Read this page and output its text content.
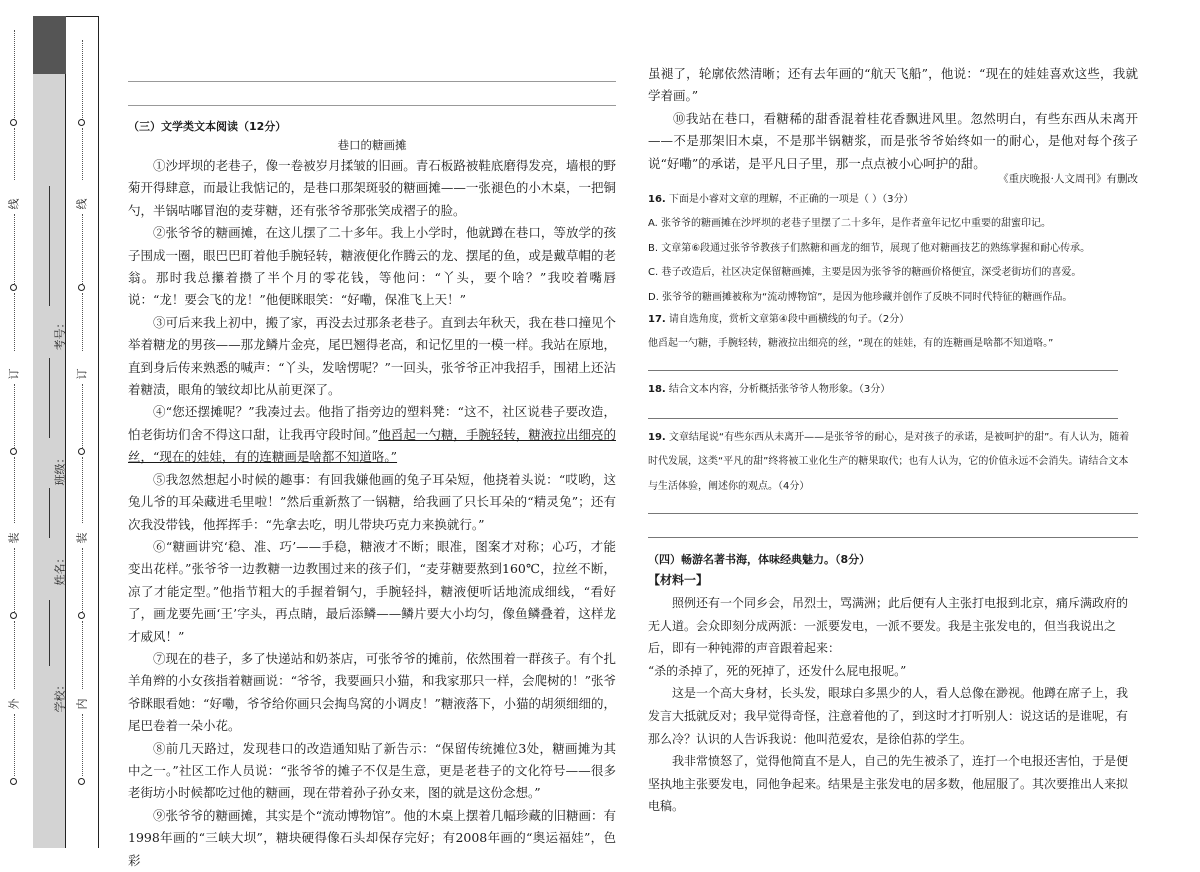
线
订
装
外
考号：
班级：
姓名：
学校：
线
订
装
内
（三）文学类文本阅读（12分）
巷口的糖画摊

①沙坪坝的老巷子，像一卷被岁月揉皱的旧画。青石板路被鞋底磨得发亮，墙根的野菊开得肆意，而最让我惦记的，是巷口那架斑驳的糖画摊——一张褪色的小木桌，一把铜勺，半锅咕嘟冒泡的麦芽糖，还有张爷爷那张笑成褶子的脸。

②张爷爷的糖画摊，在这儿摆了二十多年。我上小学时，他就蹲在巷口，等放学的孩子围成一圈，眼巴巴盯着他手腕轻转，糖液便化作腾云的龙、摆尾的鱼，或是戴草帽的老翁。那时我总攥着攒了半个月的零花钱，等他问：“丫头，要个啥？”我咬着嘴唇说：“龙！要会飞的龙！”他便眯眼笑：“好嘞，保准飞上天！”

③可后来我上初中，搬了家，再没去过那条老巷子。直到去年秋天，我在巷口撞见个举着糖龙的男孩——那龙鳞片金亮，尾巴翘得老高，和记忆里的一模一样。我站在原地，直到身后传来熟悉的喊声：“丫头，发啥愣呢？”一回头，张爷爷正冲我招手，围裙上还沾着糖渍，眼角的皱纹却比从前更深了。

④“您还摆摊呢？”我凑过去。他指了指旁边的塑料凳：“这不，社区说巷子要改造，怕老街坊们舍不得这口甜，让我再守段时间。”他舀起一勺糖，手腕轻转，糖液拉出细亮的丝，“现在的娃娃，有的连糖画是啥都不知道咯。”

⑤我忽然想起小时候的趣事：有回我嫌他画的兔子耳朵短，他挠着头说：“哎哟，这兔儿爷的耳朵藏进毛里啦！”然后重新熬了一锅糖，给我画了只长耳朵的“精灵兔”；还有次我没带钱，他挥挥手：“先拿去吃，明儿带块巧克力来换就行。”

⑥“糖画讲究‘稳、准、巧’——手稳，糖液才不断；眼准，图案才对称；心巧，才能变出花样。”张爷爷一边教糖一边教围过来的孩子们，“麦芽糖要熬到160℃，拉丝不断，凉了才能定型。”他指节粗大的手握着铜勺，手腕轻抖，糖液便听话地流成细线，“看好了，画龙要先画‘王’字头，再点睛，最后添鳞——鳞片要大小均匀，像鱼鳞叠着，这样龙才威风！”

⑦现在的巷子，多了快递站和奶茶店，可张爷爷的摊前，依然围着一群孩子。有个扎羊角辫的小女孩指着糖画说：“爷爷，我要画只小猫，和我家那只一样，会爬树的！”张爷爷眯眼看她：“好嘞，爷爷给你画只会掏鸟窝的小调皮！”糖液落下，小猫的胡须细细的，尾巴卷着一朵小花。

⑧前几天路过，发现巷口的改造通知贴了新告示：“保留传统摊位3处，糖画摊为其中之一。”社区工作人员说：“张爷爷的摊子不仅是生意，更是老巷子的文化符号——很多老街坊小时候都吃过他的糖画，现在带着孙子孙女来，图的就是这份念想。”

⑨张爷爷的糖画摊，其实是个“流动博物馆”。他的木桌上摆着几幅珍藏的旧糖画：有1998年画的“三峡大坝”，糖块硬得像石头却保存完好；有2008年画的“奥运福娃”，色彩

虽褪了，轮廓依然清晰；还有去年画的“航天飞船”，他说：“现在的娃娃喜欢这些，我就学着画。”

⑩我站在巷口，看糖稀的甜香混着桂花香飘进风里。忽然明白，有些东西从未离开——不是那架旧木桌，不是那半锅糖浆，而是张爷爷始终如一的耐心，是他对每个孩子说“好嘞”的承诺，是平凡日子里，那一点点被小心呵护的甜。

《重庆晚报·人文周刊》有删改

16. 下面是小睿对文章的理解，不正确的一项是（ ）（3分）

A. 张爷爷的糖画摊在沙坪坝的老巷子里摆了二十多年，是作者童年记忆中重要的甜蜜印记。

B. 文章第⑥段通过张爷爷教孩子们熬糖和画龙的细节，展现了他对糖画技艺的熟练掌握和耐心传承。

C. 巷子改造后，社区决定保留糖画摊，主要是因为张爷爷的糖画价格便宜，深受老街坊们的喜爱。

D. 张爷爷的糖画摊被称为“流动博物馆”，是因为他珍藏并创作了反映不同时代特征的糖画作品。

17. 请自选角度，赏析文章第④段中画横线的句子。（2分）

他舀起一勺糖，手腕轻转，糖液拉出细亮的丝，“现在的娃娃，有的连糖画是啥都不知道咯。”

18. 结合文本内容，分析概括张爷爷人物形象。（3分）

19. 文章结尾说“有些东西从未离开——是张爷爷的耐心，是对孩子的承诺，是被呵护的甜”。有人认为，随着时代发展，这类“平凡的甜”终将被工业化生产的糖果取代；也有人认为，它的价值永远不会消失。请结合文本与生活体验，阐述你的观点。（4分）

（四）畅游名著书海，体味经典魅力。（8分）
【材料一】

照例还有一个同乡会，吊烈士，骂满洲；此后便有人主张打电报到北京，痛斥满政府的无人道。会众即刻分成两派：一派要发电，一派不要发。我是主张发电的，但当我说出之后，即有一种钝滞的声音跟着起来：

“杀的杀掉了，死的死掉了，还发什么屁电报呢。”

这是一个高大身材，长头发，眼球白多黑少的人，看人总像在渺视。他蹲在席子上，我发言大抵就反对；我早觉得奇怪，注意着他的了，到这时才打听别人：说这话的是谁呢，有那么冷？认识的人告诉我说：他叫范爱农，是徐伯荪的学生。

我非常愤怒了，觉得他简直不是人，自己的先生被杀了，连打一个电报还害怕，于是便坚执地主张要发电，同他争起来。结果是主张发电的居多数，他屈服了。其次要推出人来拟电稿。
